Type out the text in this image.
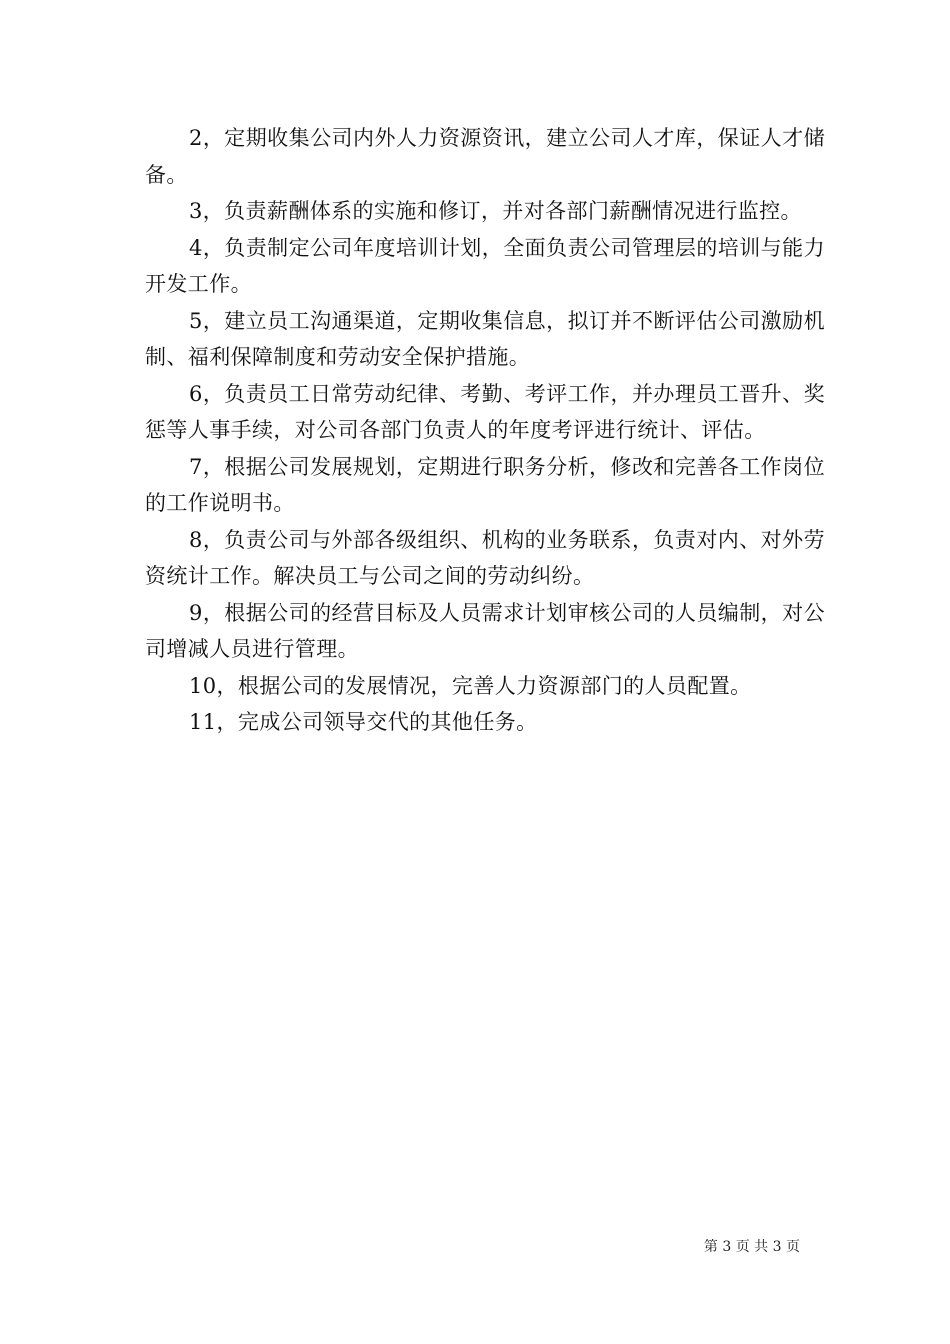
2，定期收集公司内外人力资源资讯，建立公司人才库，保证人才储备。

3，负责薪酬体系的实施和修订，并对各部门薪酬情况进行监控。

4，负责制定公司年度培训计划，全面负责公司管理层的培训与能力开发工作。

5，建立员工沟通渠道，定期收集信息，拟订并不断评估公司激励机制、福利保障制度和劳动安全保护措施。

6，负责员工日常劳动纪律、考勤、考评工作，并办理员工晋升、奖惩等人事手续，对公司各部门负责人的年度考评进行统计、评估。

7，根据公司发展规划，定期进行职务分析，修改和完善各工作岗位的工作说明书。

8，负责公司与外部各级组织、机构的业务联系，负责对内、对外劳资统计工作。解决员工与公司之间的劳动纠纷。

9，根据公司的经营目标及人员需求计划审核公司的人员编制，对公司增减人员进行管理。

10，根据公司的发展情况，完善人力资源部门的人员配置。

11，完成公司领导交代的其他任务。

第 3 页 共 3 页
